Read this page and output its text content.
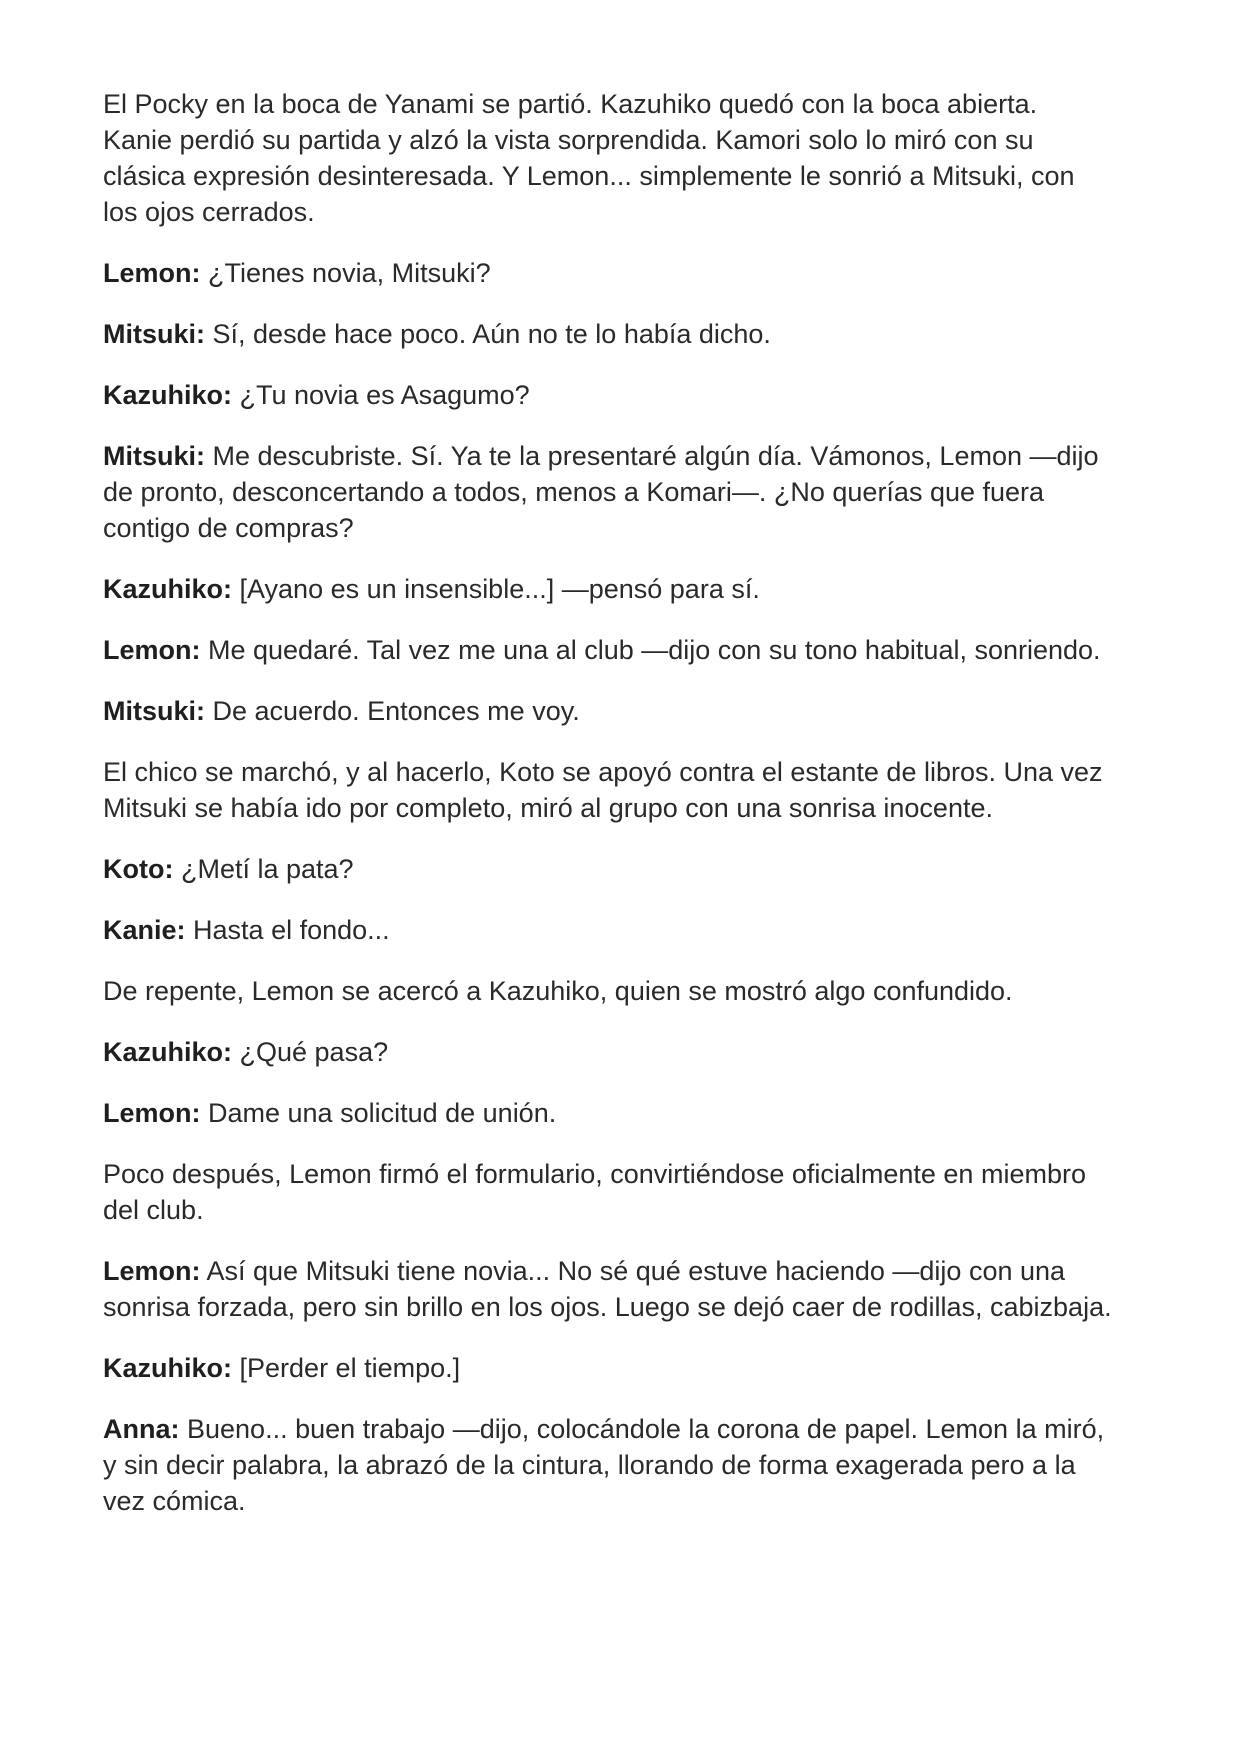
El Pocky en la boca de Yanami se partió. Kazuhiko quedó con la boca abierta. Kanie perdió su partida y alzó la vista sorprendida. Kamori solo lo miró con su clásica expresión desinteresada. Y Lemon... simplemente le sonrió a Mitsuki, con los ojos cerrados.

Lemon: ¿Tienes novia, Mitsuki?

Mitsuki: Sí, desde hace poco. Aún no te lo había dicho.

Kazuhiko: ¿Tu novia es Asagumo?

Mitsuki: Me descubriste. Sí. Ya te la presentaré algún día. Vámonos, Lemon —dijo de pronto, desconcertando a todos, menos a Komari—. ¿No querías que fuera contigo de compras?

Kazuhiko: [Ayano es un insensible...] —pensó para sí.

Lemon: Me quedaré. Tal vez me una al club —dijo con su tono habitual, sonriendo.

Mitsuki: De acuerdo. Entonces me voy.

El chico se marchó, y al hacerlo, Koto se apoyó contra el estante de libros. Una vez Mitsuki se había ido por completo, miró al grupo con una sonrisa inocente.

Koto: ¿Metí la pata?

Kanie: Hasta el fondo...

De repente, Lemon se acercó a Kazuhiko, quien se mostró algo confundido.

Kazuhiko: ¿Qué pasa?

Lemon: Dame una solicitud de unión.

Poco después, Lemon firmó el formulario, convirtiéndose oficialmente en miembro del club.

Lemon: Así que Mitsuki tiene novia... No sé qué estuve haciendo —dijo con una sonrisa forzada, pero sin brillo en los ojos. Luego se dejó caer de rodillas, cabizbaja.

Kazuhiko: [Perder el tiempo.]

Anna: Bueno... buen trabajo —dijo, colocándole la corona de papel. Lemon la miró, y sin decir palabra, la abrazó de la cintura, llorando de forma exagerada pero a la vez cómica.
